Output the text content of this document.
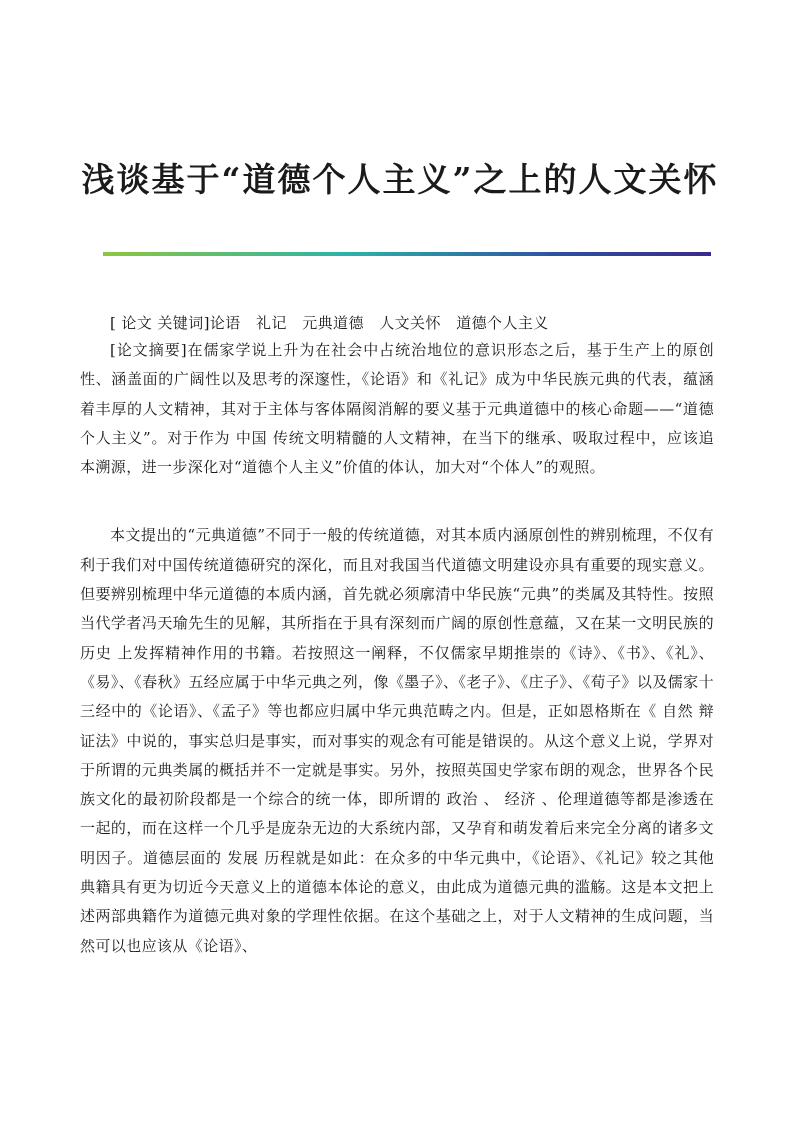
浅谈基于“道德个人主义”之上的人文关怀

[ 论文 关键词]论语　礼记　元典道德　人文关怀　道德个人主义

[论文摘要]在儒家学说上升为在社会中占统治地位的意识形态之后，基于生产上的原创性、涵盖面的广阔性以及思考的深邃性，《论语》和《礼记》成为中华民族元典的代表，蕴涵着丰厚的人文精神，其对于主体与客体隔阂消解的要义基于元典道德中的核心命题——“道德个人主义”。对于作为 中国 传统文明精髓的人文精神，在当下的继承、吸取过程中，应该追本溯源，进一步深化对“道德个人主义”价值的体认，加大对“个体人”的观照。

本文提出的“元典道德”不同于一般的传统道德，对其本质内涵原创性的辨别梳理，不仅有利于我们对中国传统道德研究的深化，而且对我国当代道德文明建设亦具有重要的现实意义。但要辨别梳理中华元道德的本质内涵，首先就必须廓清中华民族“元典”的类属及其特性。按照当代学者冯天瑜先生的见解，其所指在于具有深刻而广阔的原创性意蕴，又在某一文明民族的 历史 上发挥精神作用的书籍。若按照这一阐释，不仅儒家早期推崇的《诗》、《书》、《礼》、《易》、《春秋》五经应属于中华元典之列，像《墨子》、《老子》、《庄子》、《荀子》以及儒家十三经中的《论语》、《孟子》等也都应归属中华元典范畴之内。但是，正如恩格斯在《 自然 辩证法》中说的，事实总归是事实，而对事实的观念有可能是错误的。从这个意义上说，学界对于所谓的元典类属的概括并不一定就是事实。另外，按照英国史学家布朗的观念，世界各个民族文化的最初阶段都是一个综合的统一体，即所谓的 政治 、 经济 、伦理道德等都是渗透在一起的，而在这样一个几乎是庞杂无边的大系统内部，又孕育和萌发着后来完全分离的诸多文明因子。道德层面的 发展 历程就是如此：在众多的中华元典中，《论语》、《礼记》较之其他典籍具有更为切近今天意义上的道德本体论的意义，由此成为道德元典的滥觞。这是本文把上述两部典籍作为道德元典对象的学理性依据。在这个基础之上，对于人文精神的生成问题，当然可以也应该从《论语》、
